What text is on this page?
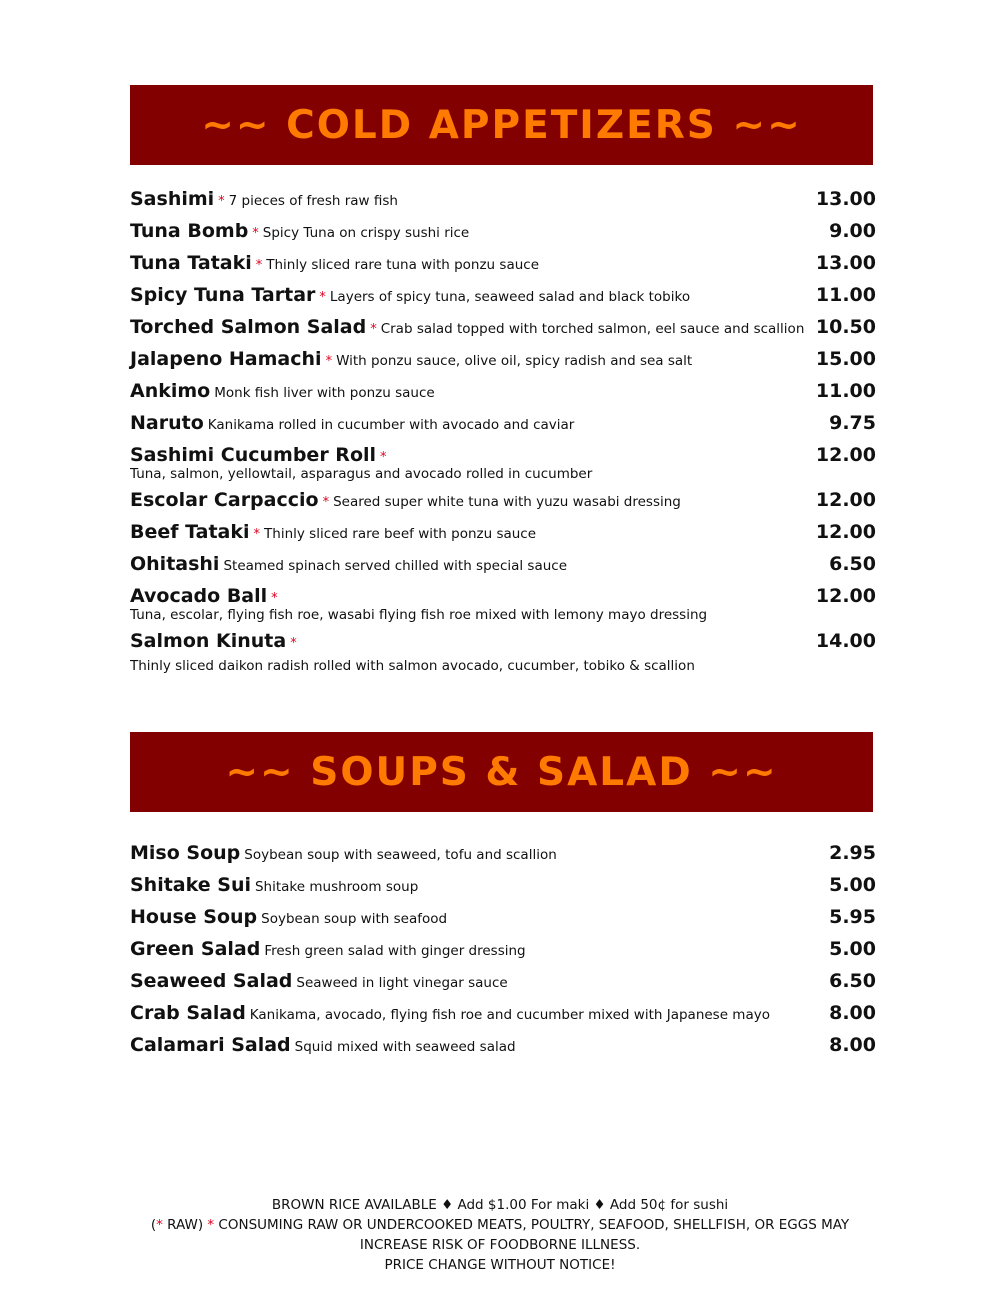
~~ COLD APPETIZERS ~~
Sashimi * 7 pieces of fresh raw fish	13.00
Tuna Bomb * Spicy Tuna on crispy sushi rice	9.00
Tuna Tataki * Thinly sliced rare tuna with ponzu sauce	13.00
Spicy Tuna Tartar * Layers of spicy tuna, seaweed salad and black tobiko	11.00
Torched Salmon Salad * Crab salad topped with torched salmon, eel sauce and scallion 10.50
Jalapeno Hamachi * With ponzu sauce, olive oil, spicy radish and sea salt	15.00
Ankimo Monk fish liver with ponzu sauce	11.00
Naruto Kanikama rolled in cucumber with avocado and caviar	9.75
Sashimi Cucumber Roll *	12.00
Tuna, salmon, yellowtail, asparagus and avocado rolled in cucumber
Escolar Carpaccio * Seared super white tuna with yuzu wasabi dressing	12.00
Beef Tataki * Thinly sliced rare beef with ponzu sauce	12.00
Ohitashi Steamed spinach served chilled with special sauce	6.50
Avocado Ball *	12.00
Tuna, escolar, flying fish roe, wasabi flying fish roe mixed with lemony mayo dressing
Salmon Kinuta *	14.00
Thinly sliced daikon radish rolled with salmon avocado, cucumber, tobiko & scallion
~~ SOUPS & SALAD ~~
Miso Soup Soybean soup with seaweed, tofu and scallion	2.95
Shitake Sui Shitake mushroom soup	5.00
House Soup Soybean soup with seafood	5.95
Green Salad Fresh green salad with ginger dressing	5.00
Seaweed Salad Seaweed in light vinegar sauce	6.50
Crab Salad Kanikama, avocado, flying fish roe and cucumber mixed with Japanese mayo	8.00
Calamari Salad Squid mixed with seaweed salad	8.00
BROWN RICE AVAILABLE ♦ Add $1.00 For maki ♦ Add 50¢ for sushi
(* RAW) * CONSUMING RAW OR UNDERCOOKED MEATS, POULTRY, SEAFOOD, SHELLFISH, OR EGGS MAY
INCREASE RISK OF FOODBORNE ILLNESS.
PRICE CHANGE WITHOUT NOTICE!
